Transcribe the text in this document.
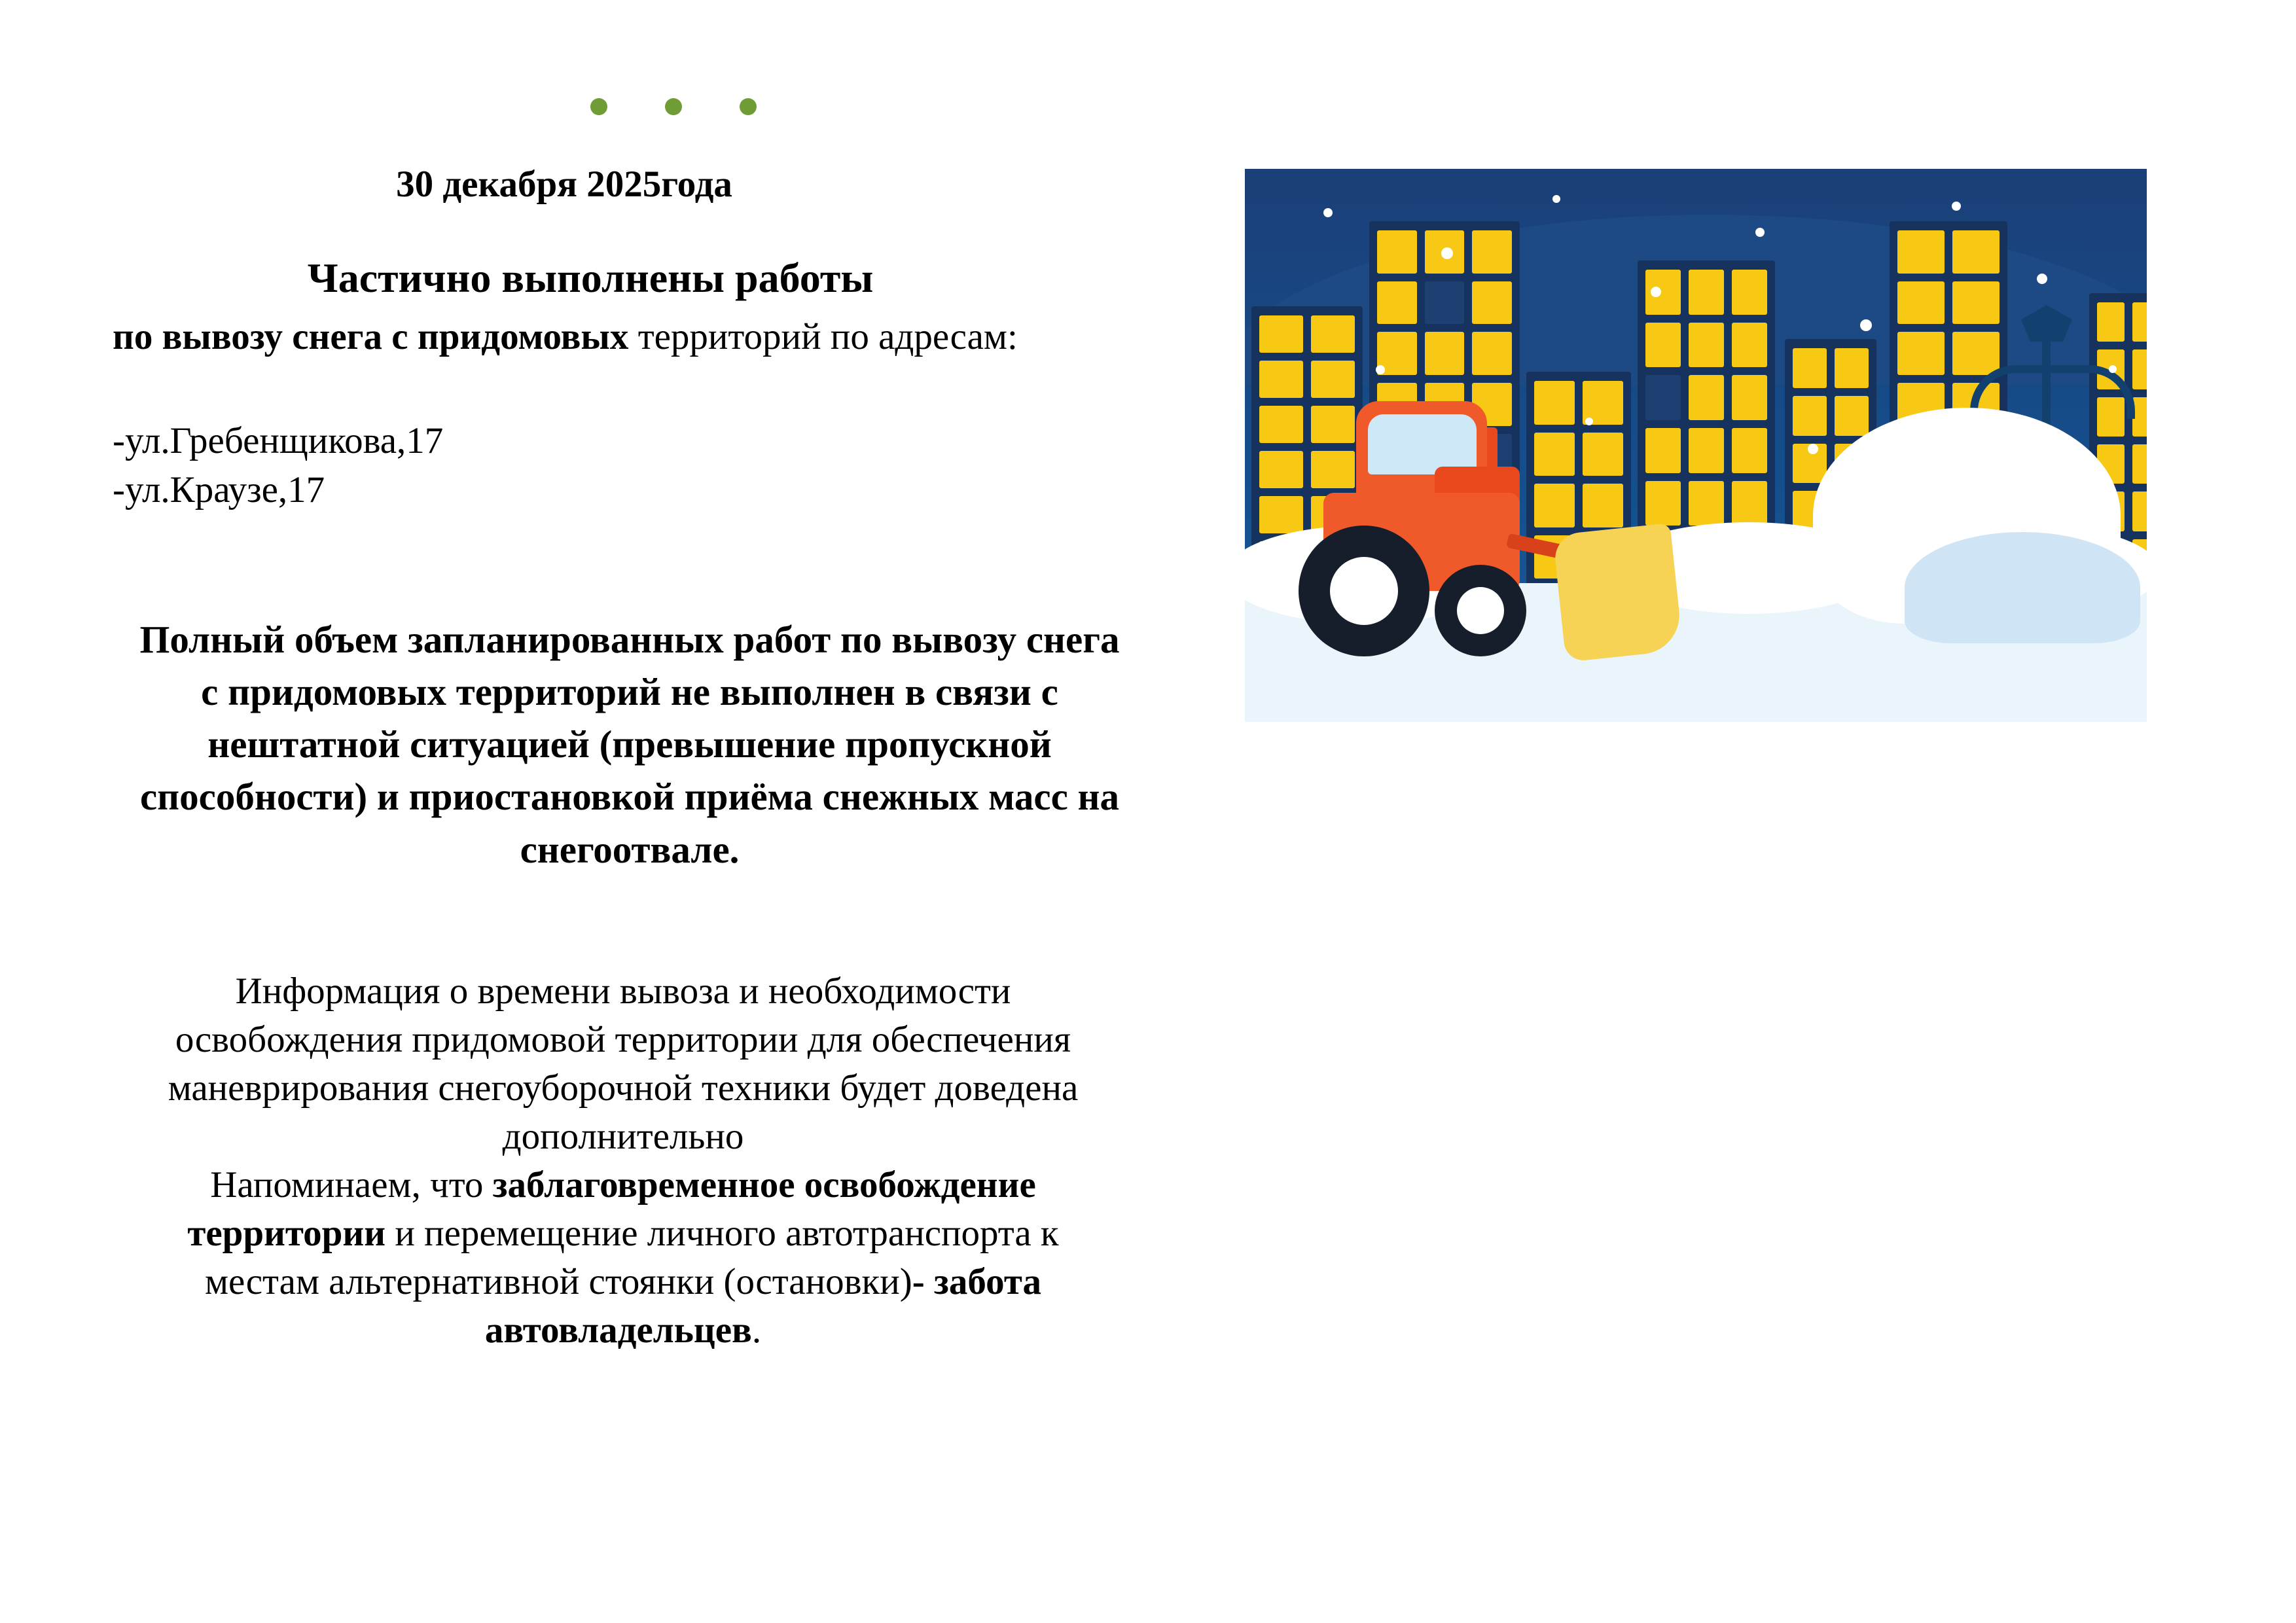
30 декабря 2025года

Частично выполнены работы

по вывозу снега с придомовых территорий по адресам:

-ул.Гребенщикова,17
-ул.Краузе,17

Полный объем запланированных работ по вывозу снега с придомовых территорий не выполнен в связи с нештатной ситуацией (превышение пропускной способности) и приостановкой приёма снежных масс на снегоотвале.

Информация о времени вывоза и необходимости
освобождения придомовой территории для обеспечения
маневрирования снегоуборочной техники будет доведена
дополнительно
Напоминаем, что заблаговременное освобождение территории и перемещение личного автотранспорта к местам альтернативной стоянки (остановки)- забота автовладельцев.
